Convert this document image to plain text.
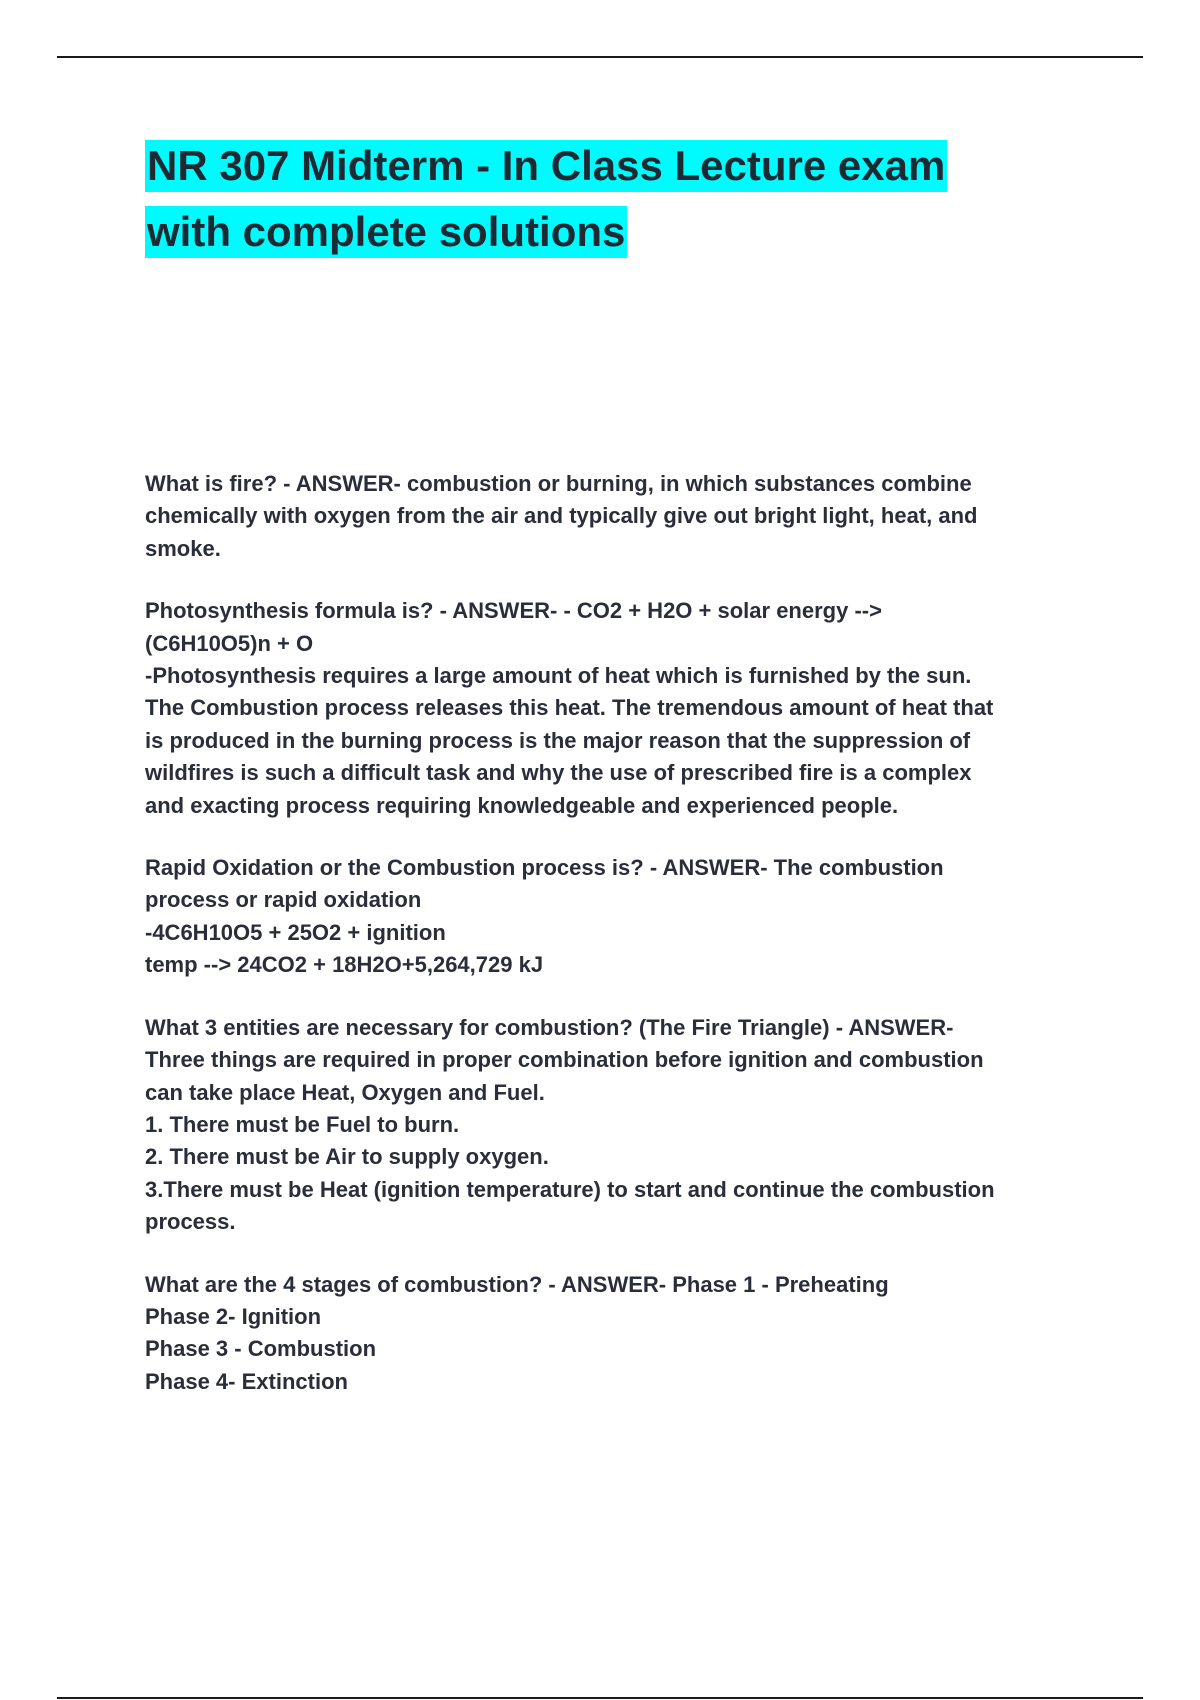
NR 307 Midterm - In Class Lecture exam
with complete solutions
What is fire? - ANSWER- combustion or burning, in which substances combine
chemically with oxygen from the air and typically give out bright light, heat, and
smoke.
Photosynthesis formula is? - ANSWER- - CO2 + H2O + solar energy -->
(C6H10O5)n + O
-Photosynthesis requires a large amount of heat which is furnished by the sun.
The Combustion process releases this heat. The tremendous amount of heat that
is produced in the burning process is the major reason that the suppression of
wildfires is such a difficult task and why the use of prescribed fire is a complex
and exacting process requiring knowledgeable and experienced people.
Rapid Oxidation or the Combustion process is? - ANSWER- The combustion
process or rapid oxidation
-4C6H10O5 + 25O2 + ignition
temp --> 24CO2 + 18H2O+5,264,729 kJ
What 3 entities are necessary for combustion? (The Fire Triangle) - ANSWER-
Three things are required in proper combination before ignition and combustion
can take place Heat, Oxygen and Fuel.
1. There must be Fuel to burn.
2. There must be Air to supply oxygen.
3.There must be Heat (ignition temperature) to start and continue the combustion
process.
What are the 4 stages of combustion? - ANSWER- Phase 1 - Preheating
Phase 2- Ignition
Phase 3 - Combustion
Phase 4- Extinction
